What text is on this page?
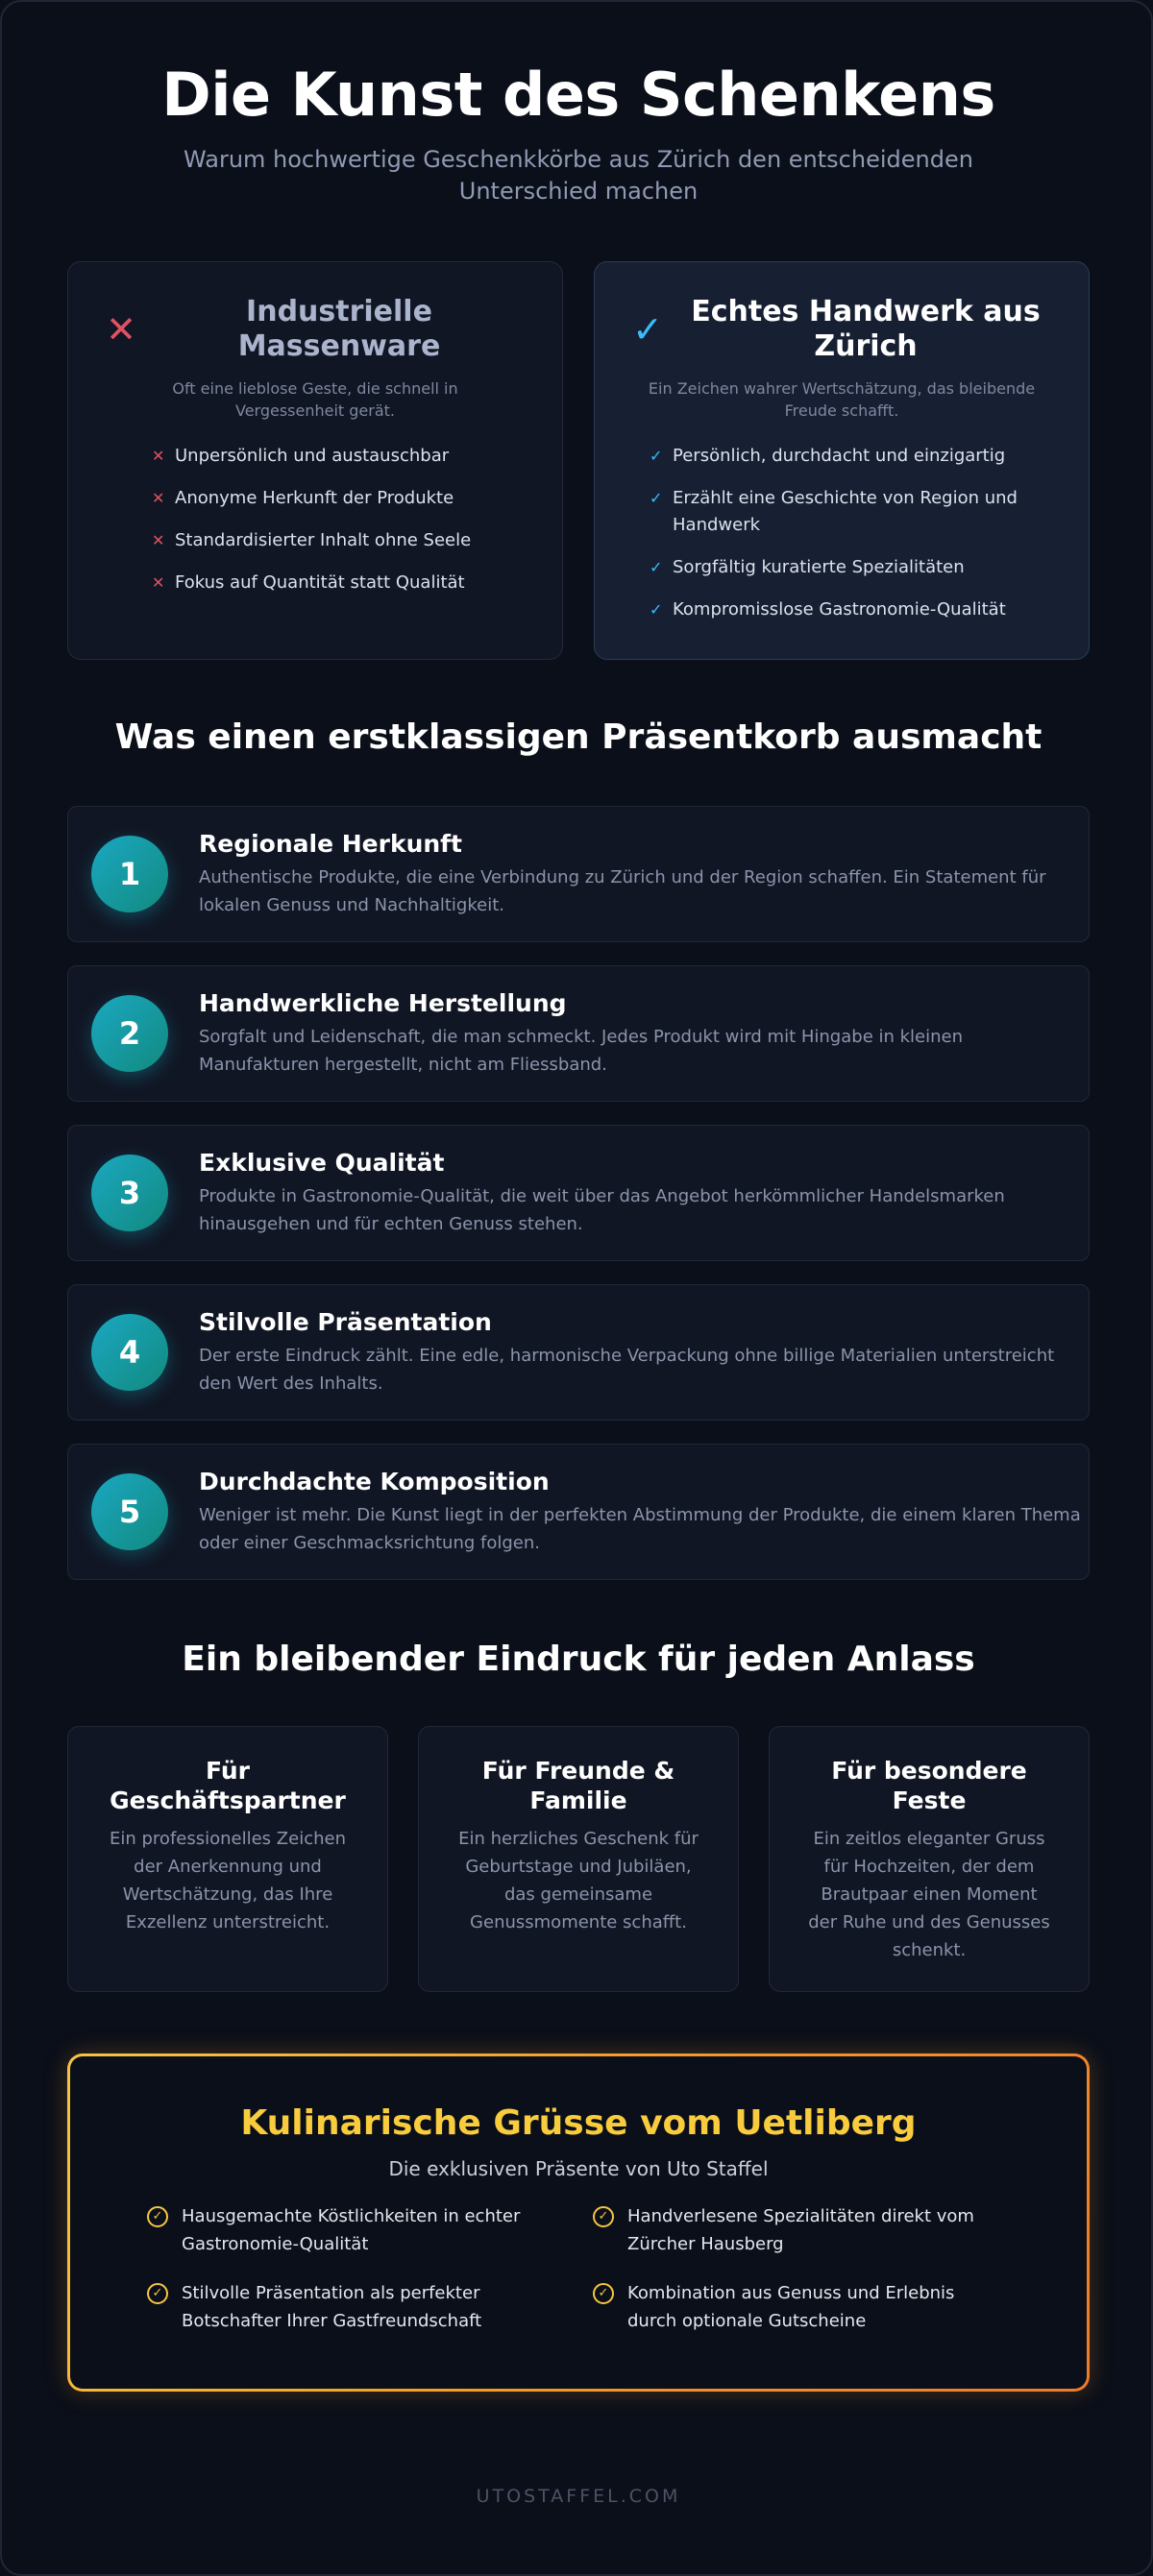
Die Kunst des Schenkens

Warum hochwertige Geschenkkörbe aus Zürich den entscheidenden Unterschied machen

✕	Industrielle Massenware
Oft eine lieblose Geste, die schnell in Vergessenheit gerät.
✕ Unpersönlich und austauschbar
✕ Anonyme Herkunft der Produkte
✕ Standardisierter Inhalt ohne Seele
✕ Fokus auf Quantität statt Qualität
✓ Echtes Handwerk aus Zürich
Ein Zeichen wahrer Wertschätzung, das bleibende Freude schafft.
✓ Persönlich, durchdacht und einzigartig
✓ Erzählt eine Geschichte von Region und Handwerk
✓ Sorgfältig kuratierte Spezialitäten
✓ Kompromisslose Gastronomie-Qualität
Was einen erstklassigen Präsentkorb ausmacht
1
Regionale Herkunft
Authentische Produkte, die eine Verbindung zu Zürich und der Region schaffen. Ein Statement für lokalen Genuss und Nachhaltigkeit.
2
Handwerkliche Herstellung
Sorgfalt und Leidenschaft, die man schmeckt. Jedes Produkt wird mit Hingabe in kleinen Manufakturen hergestellt, nicht am Fliessband.
3
Exklusive Qualität
Produkte in Gastronomie-Qualität, die weit über das Angebot herkömmlicher Handelsmarken hinausgehen und für echten Genuss stehen.
4
Stilvolle Präsentation
Der erste Eindruck zählt. Eine edle, harmonische Verpackung ohne billige Materialien unterstreicht den Wert des Inhalts.
5
Durchdachte Komposition
Weniger ist mehr. Die Kunst liegt in der perfekten Abstimmung der Produkte, die einem klaren Thema oder einer Geschmacksrichtung folgen.
Ein bleibender Eindruck für jeden Anlass
Für Geschäftspartner
Ein professionelles Zeichen der Anerkennung und Wertschätzung, das Ihre Exzellenz unterstreicht.
Für Freunde & Familie
Ein herzliches Geschenk für Geburtstage und Jubiläen, das gemeinsame Genussmomente schafft.
Für besondere Feste
Ein zeitlos eleganter Gruss für Hochzeiten, der dem Brautpaar einen Moment der Ruhe und des Genusses schenkt.
Kulinarische Grüsse vom Uetliberg
Die exklusiven Präsente von Uto Staffel
✓	Hausgemachte Köstlichkeiten in echter Gastronomie-Qualität
✓	Handverlesene Spezialitäten direkt vom Zürcher Hausberg
✓	Stilvolle Präsentation als perfekter Botschafter Ihrer Gastfreundschaft
✓	Kombination aus Genuss und Erlebnis durch optionale Gutscheine
UTOSTAFFEL.COM
